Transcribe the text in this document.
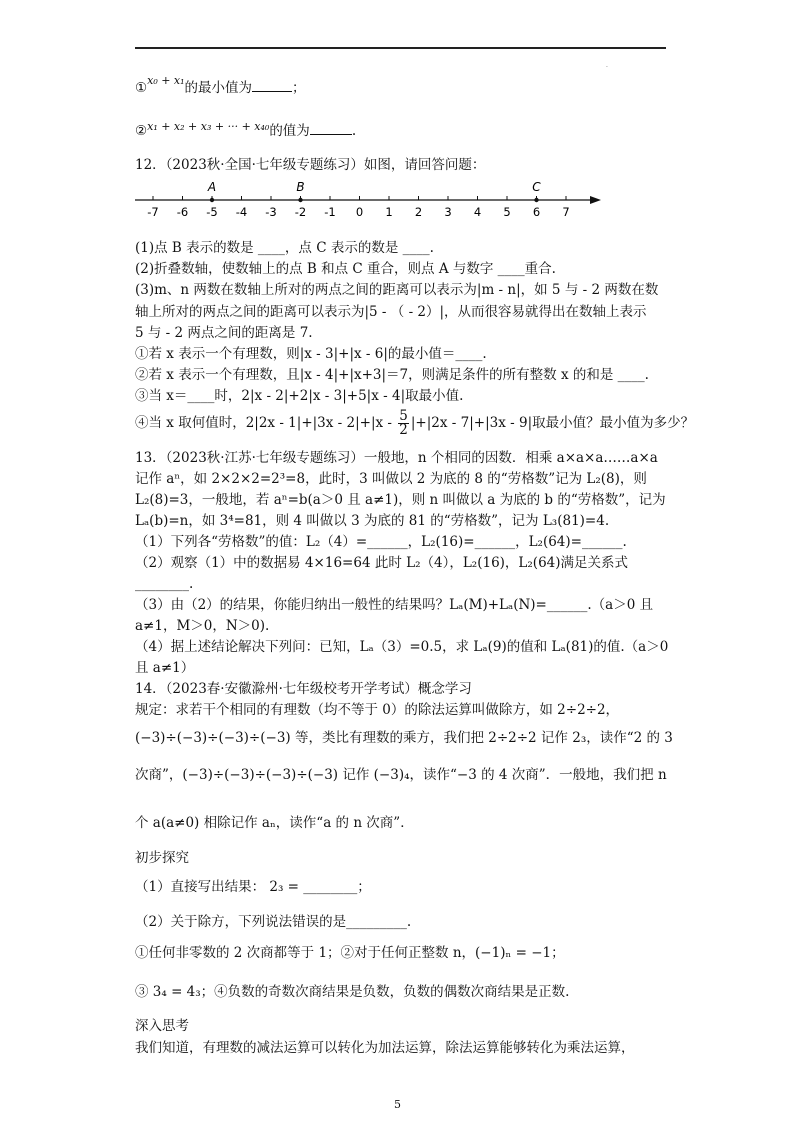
.
①$^{x_0 + x_1}$的最小值为	；
②$^{x_1 + x_2 + x_3 + \cdot\cdot\cdot + x_{40}}$的值为	.
12．（2023秋·全国·七年级专题练习）如图，请回答问题：
-7 -6 -5 -4 -3 -2 -1 0 1 2 3 4 5 6 7
A	B	C
(1)点 B 表示的数是 ____，点 C 表示的数是 ____.
(2)折叠数轴，使数轴上的点 B 和点 C 重合，则点 A 与数字 ____重合.
(3)m、n 两数在数轴上所对的两点之间的距离可以表示为|m - n|，如 5 与 - 2 两数在数
轴上所对的两点之间的距离可以表示为|5 - （ - 2）|，从而很容易就得出在数轴上表示
5 与 - 2 两点之间的距离是 7.
①若 x 表示一个有理数，则|x - 3|+|x - 6|的最小值＝____.
②若 x 表示一个有理数，且|x - 4|+|x+3|＝7，则满足条件的所有整数 x 的和是 ____.
③当 x＝____时，2|x - 2|+2|x - 3|+5|x - 4|取最小值.
④当 x 取何值时，$2|2x - 1|+|3x - 2|+|x - \frac{5}{2} |+|2x - 7|+|3x - 9|$取最小值？最小值为多少？
13．（2023秋·江苏·七年级专题练习）一般地，n 个相同的因数．相乘 a×a×a……a×a
记作 aⁿ，如 2×2×2=2³=8，此时，3 叫做以 2 为底的 8 的“劳格数”记为 L₂(8)，则
L₂(8)=3，一般地，若 aⁿ=b(a＞0 且 a≠1)，则 n 叫做以 a 为底的 b 的“劳格数”，记为
Lₐ(b)=n，如 3⁴=81，则 4 叫做以 3 为底的 81 的“劳格数”，记为 L₃(81)=4.
（1）下列各“劳格数”的值：L₂（4）=______，L₂(16)=______，L₂(64)=______.
（2）观察（1）中的数据易 4×16=64 此时 L₂（4），L₂(16)，L₂(64)满足关系式
________.
（3）由（2）的结果，你能归纳出一般性的结果吗？Lₐ(M)+Lₐ(N)=______.（a＞0 且
a≠1，M＞0，N＞0).
（4）据上述结论解决下列问：已知，Lₐ（3）=0.5，求 Lₐ(9)的值和 Lₐ(81)的值.（a＞0
且 a≠1）
14．（2023春·安徽滁州·七年级校考开学考试）概念学习
规定：求若干个相同的有理数（均不等于 0）的除法运算叫做除方，如 2÷2÷2，
(−3)÷(−3)÷(−3)÷(−3) 等，类比有理数的乘方，我们把 2÷2÷2 记作 2₃，读作“2 的 3
次商”，(−3)÷(−3)÷(−3)÷(−3) 记作 (−3)₄，读作“−3 的 4 次商”．一般地，我们把 n
个 a(a≠0) 相除记作 aₙ，读作“a 的 n 次商”．
初步探究
（1）直接写出结果： 2₃ = ________；
（2）关于除方，下列说法错误的是_________.
①任何非零数的 2 次商都等于 1；②对于任何正整数 n，(−1)ₙ = −1；
③ 3₄ = 4₃；④负数的奇数次商结果是负数，负数的偶数次商结果是正数.
深入思考
我们知道，有理数的减法运算可以转化为加法运算，除法运算能够转化为乘法运算，
5
